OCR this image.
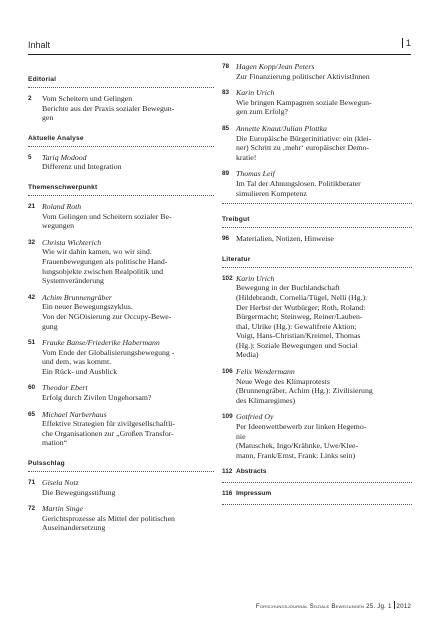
Inhalt	1
Editorial
2 Vom Scheitern und Gelingen
Berichte aus der Praxis sozialer Bewegun-
gen
Aktuelle Analyse
5 Tariq Modood
Differenz und Integration
Themenschwerpunkt
21 Roland Roth
Vom Gelingen und Scheitern sozialer Be-
wegungen
32 Christa Wichterich
Wie wir dahin kamen, wo wir sind.
Frauenbewegungen als politische Hand-
lungsobjekte zwischen Realpolitik und
Systemveränderung
42 Achim Brunnengräber
Ein neuer Bewegungszyklus.
Von der NGOisierung zur Occupy-Bewe-
gung
51 Frauke Banse/Friederike Habermann
Vom Ende der Globalisierungsbewegung -
und dem, was kommt.
Ein Rück- und Ausblick
60 Theodor Ebert
Erfolg durch Zivilen Ungehorsam?
65 Michael Narberhaus
Effektive Strategien für zivilgesellschaftli-
che Organisationen zur „Großen Transfor-
mation“
Pulsschlag
71 Gisela Notz
Die Bewegungsstiftung
72 Martin Singe
Gerichtsprozesse als Mittel der politischen
Auseinandersetzung
78 Hagen Kopp/Jean Peters
Zur Finanzierung politischer AktivistInnen
83 Karin Urich
Wie bringen Kampagnen soziale Bewegun-
gen zum Erfolg?
85 Annette Knaut/Julian Plottka
Die Europäische Bürgerinitiative: ein (klei-
ner) Schritt zu ‚mehr‘ europäischer Demo-
kratie!
89 Thomas Leif
Im Tal der Ahnungslosen. Politikberater
simulieren Kompetenz
Treibgut
96 Materialien, Notizen, Hinweise
Literatur
102 Karin Urich
Bewegung in der Buchlandschaft
(Hildebrandt, Cornelia/Tügel, Nelli (Hg.):
Der Herbst der Wutbürger; Roth, Roland:
Bürgermacht; Steinweg, Reiner/Lauben-
thal, Ulrike (Hg.): Gewaltfreie Aktion;
Voigt, Hans-Christian/Kreimel, Thomas
(Hg.): Soziale Bewegungen und Social
Media)
106 Felix Wendermann
Neue Wege des Klimaprotests
(Brunnengräber, Achim (Hg.): Zivilisierung
des Klimaregimes)
109 Gotfried Oy
Per Ideenwettbewerb zur linken Hegemo-
nie
(Matuschek, Ingo/Krähnke, Uwe/Klee-
mann, Frank/Ernst, Frank: Links sein)
112 Abstracts
116 Impressum
Forschungsjournal Soziale Bewegungen 25. Jg. 1 2012
